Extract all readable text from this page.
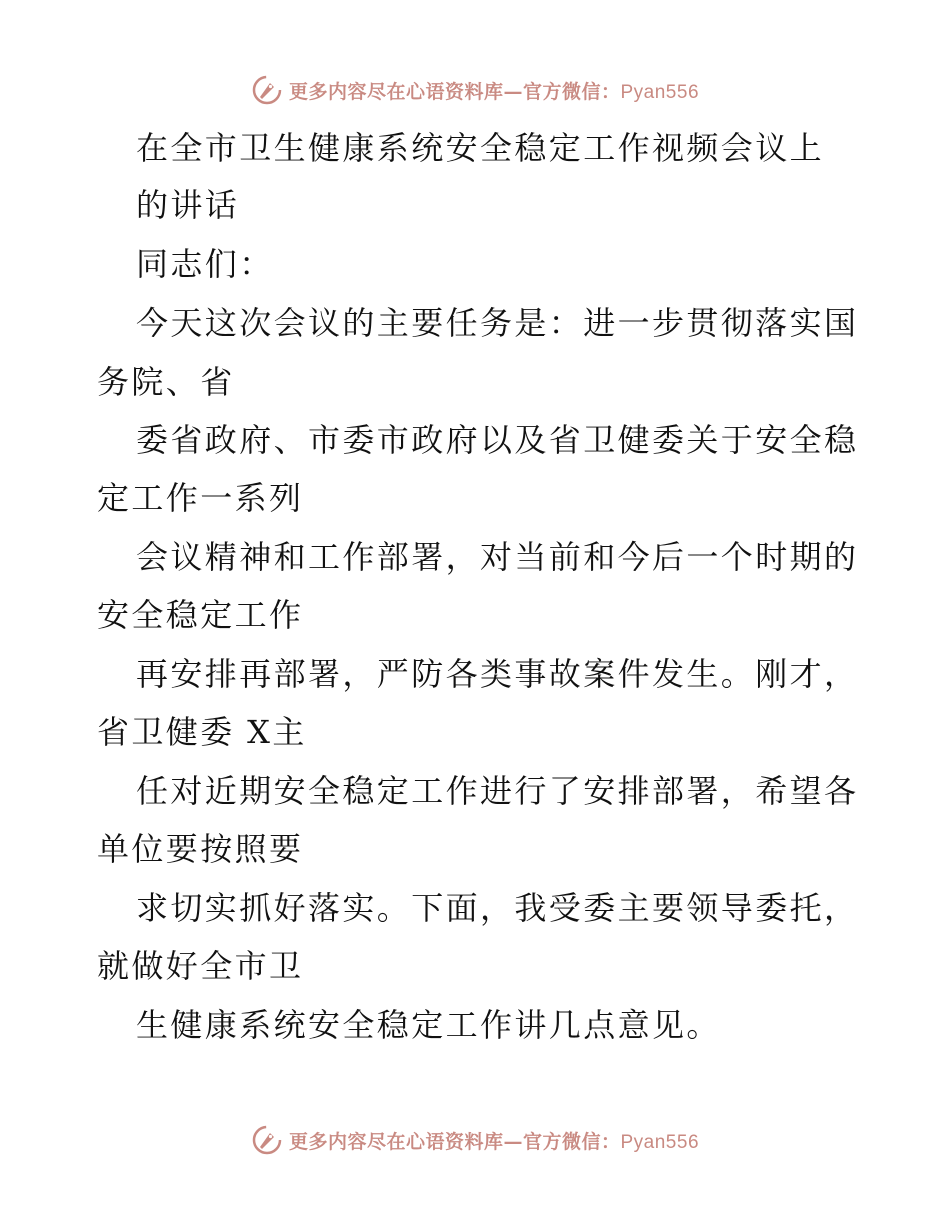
更多内容尽在心语资料库—官方微信：Pyan556
在全市卫生健康系统安全稳定工作视频会议上
的讲话
同志们：
今天这次会议的主要任务是：进一步贯彻落实国
务院、省
委省政府、市委市政府以及省卫健委关于安全稳
定工作一系列
会议精神和工作部署，对当前和今后一个时期的
安全稳定工作
再安排再部署，严防各类事故案件发生。刚才，
省卫健委 X主
任对近期安全稳定工作进行了安排部署，希望各
单位要按照要
求切实抓好落实。下面，我受委主要领导委托，
就做好全市卫
生健康系统安全稳定工作讲几点意见。
更多内容尽在心语资料库—官方微信：Pyan556
